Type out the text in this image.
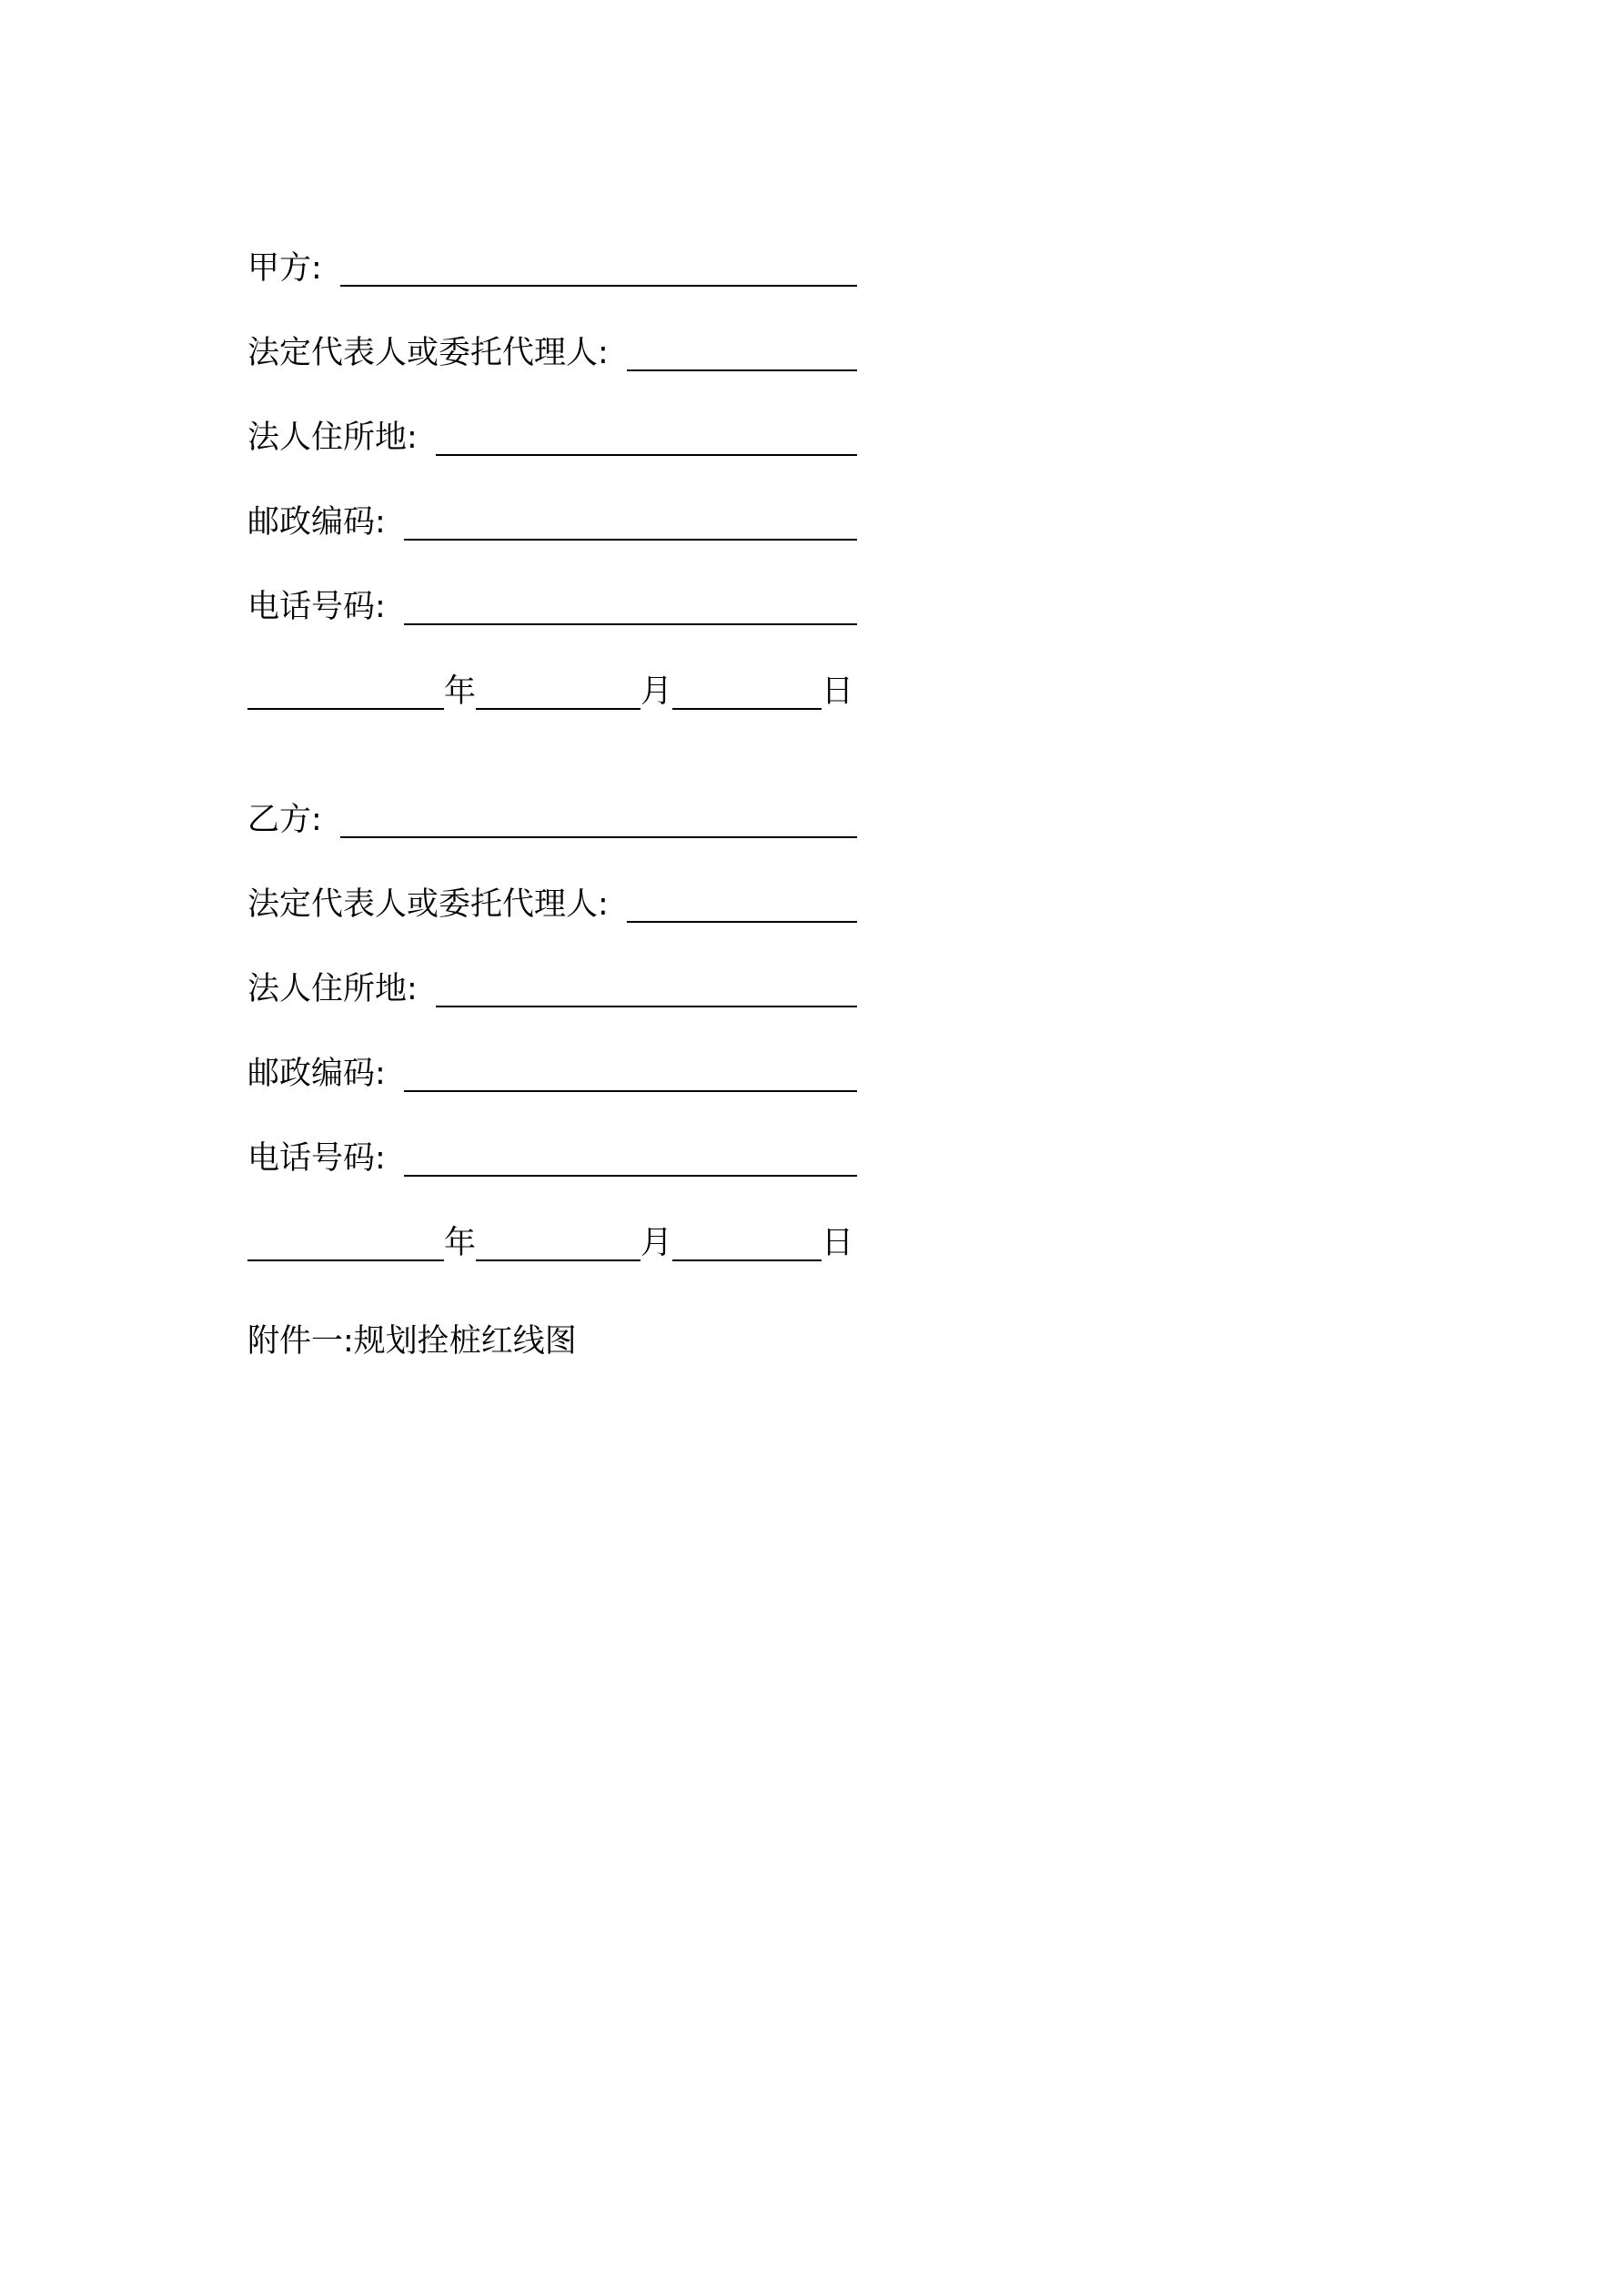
甲方:
法定代表人或委托代理人:
法人住所地:
邮政编码:
电话号码:
年	月	日
乙方:
法定代表人或委托代理人:
法人住所地:
邮政编码:
电话号码:
年	月	日
附件一:规划拴桩红线图
